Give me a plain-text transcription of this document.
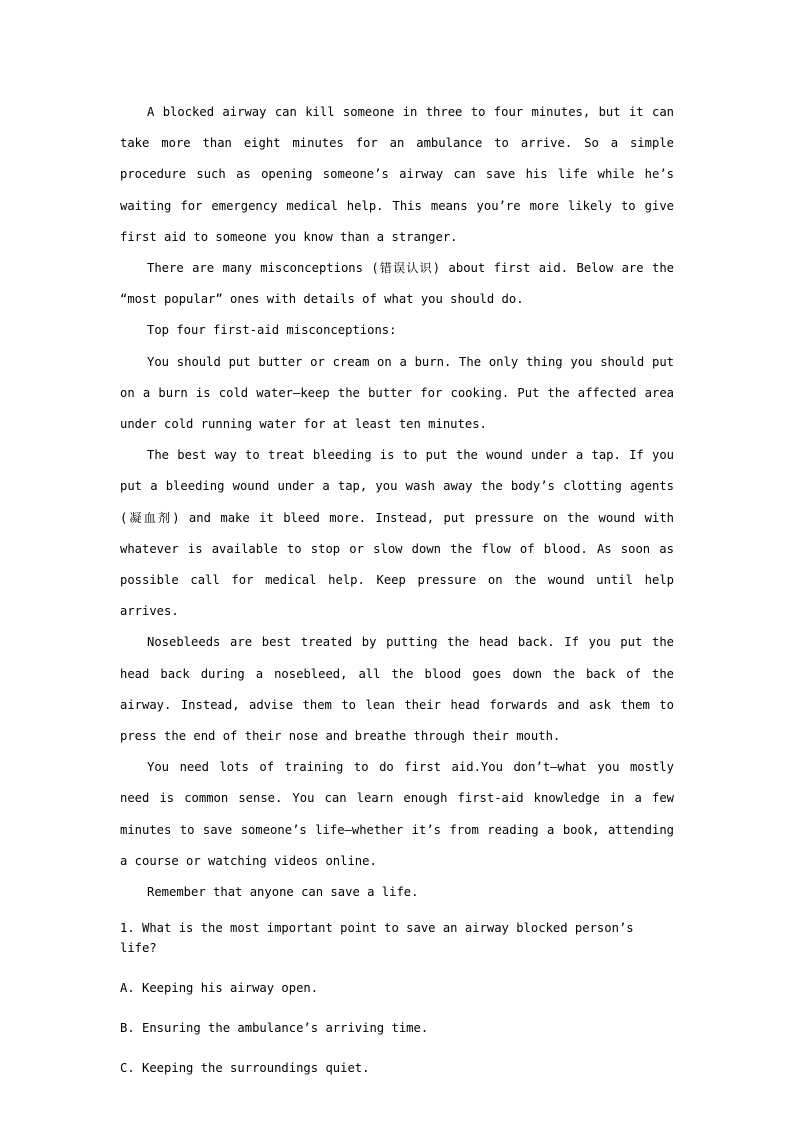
A blocked airway can kill someone in three to four minutes, but it can take more than eight minutes for an ambulance to arrive. So a simple procedure such as opening someone’s airway can save his life while he’s waiting for emergency medical help. This means you’re more likely to give first aid to someone you know than a stranger.

There are many misconceptions (错误认识) about first aid. Below are the “most popular” ones with details of what you should do.

Top four first-aid misconceptions:

You should put butter or cream on a burn. The only thing you should put on a burn is cold water—keep the butter for cooking. Put the affected area under cold running water for at least ten minutes.

The best way to treat bleeding is to put the wound under a tap. If you put a bleeding wound under a tap, you wash away the body’s clotting agents (凝血剂) and make it bleed more. Instead, put pressure on the wound with whatever is available to stop or slow down the flow of blood. As soon as possible call for medical help. Keep pressure on the wound until help arrives.

Nosebleeds are best treated by putting the head back. If you put the head back during a nosebleed, all the blood goes down the back of the airway. Instead, advise them to lean their head forwards and ask them to press the end of their nose and breathe through their mouth.

You need lots of training to do first aid.You don’t—what you mostly need is common sense. You can learn enough first-aid knowledge in a few minutes to save someone’s life—whether it’s from reading a book, attending a course or watching videos online.

Remember that anyone can save a life.

1. What is the most important point to save an airway blocked person’s life?

A. Keeping his airway open.

B. Ensuring the ambulance’s arriving time.

C. Keeping the surroundings quiet.
